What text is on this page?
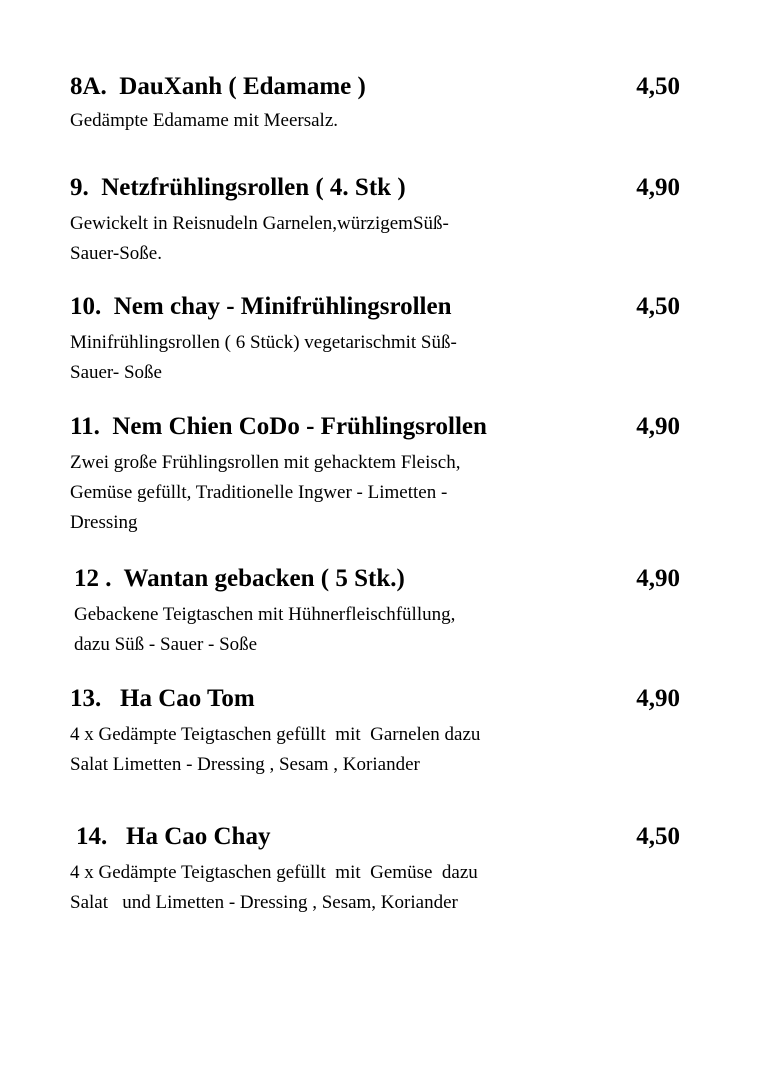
8A.  DauXanh ( Edamame )	4,50
Gedämpte Edamame mit Meersalz.
9.  Netzfrühlingsrollen ( 4. Stk )	4,90
Gewickelt in Reisnudeln Garnelen,würzigemSüß-
Sauer-Soße.
10.  Nem chay - Minifrühlingsrollen	4,50
Minifrühlingsrollen ( 6 Stück) vegetarischmit Süß-
Sauer- Soße
11.  Nem Chien CoDo - Frühlingsrollen	4,90
Zwei große Frühlingsrollen mit gehacktem Fleisch,
Gemüse gefüllt, Traditionelle Ingwer - Limetten -
Dressing
12 .  Wantan gebacken ( 5 Stk.)	4,90
Gebackene Teigtaschen mit Hühnerfleischfüllung,
dazu Süß - Sauer - Soße
13.   Ha Cao Tom	4,90
4 x Gedämpte Teigtaschen gefüllt  mit  Garnelen dazu
Salat Limetten - Dressing , Sesam , Koriander
14.   Ha Cao Chay	4,50
4 x Gedämpte Teigtaschen gefüllt  mit  Gemüse  dazu
Salat   und Limetten - Dressing , Sesam, Koriander
